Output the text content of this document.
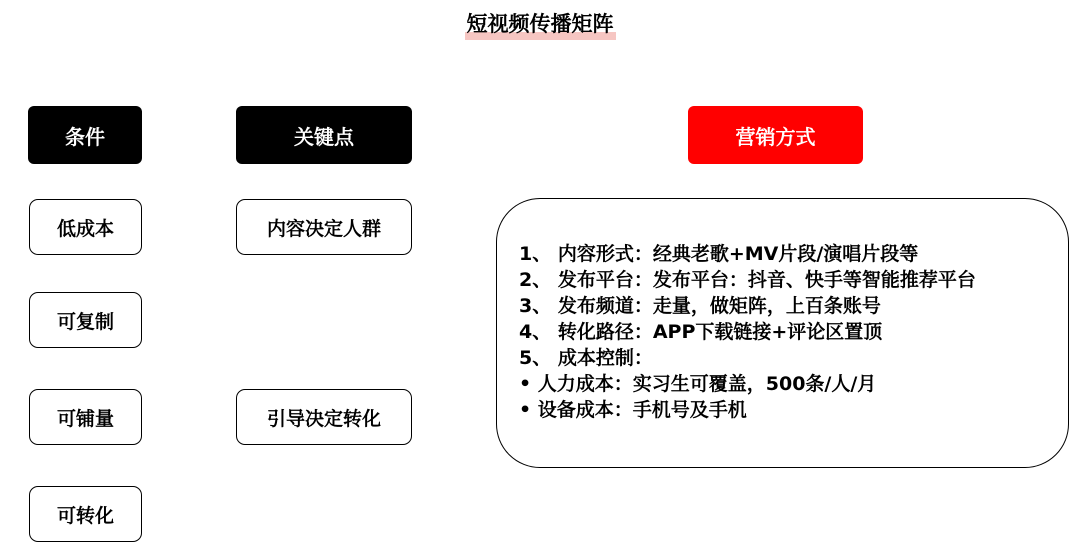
短视频传播矩阵
条件	关键点	营销方式
低成本
可复制
可铺量
可转化
内容决定人群
引导决定转化
1、 内容形式：经典老歌+MV片段/演唱片段等
2、 发布平台：发布平台：抖音、快手等智能推荐平台
3、 发布频道：走量，做矩阵，上百条账号
4、 转化路径：APP下载链接+评论区置顶
5、 成本控制：
• 人力成本：实习生可覆盖，500条/人/月
• 设备成本：手机号及手机
